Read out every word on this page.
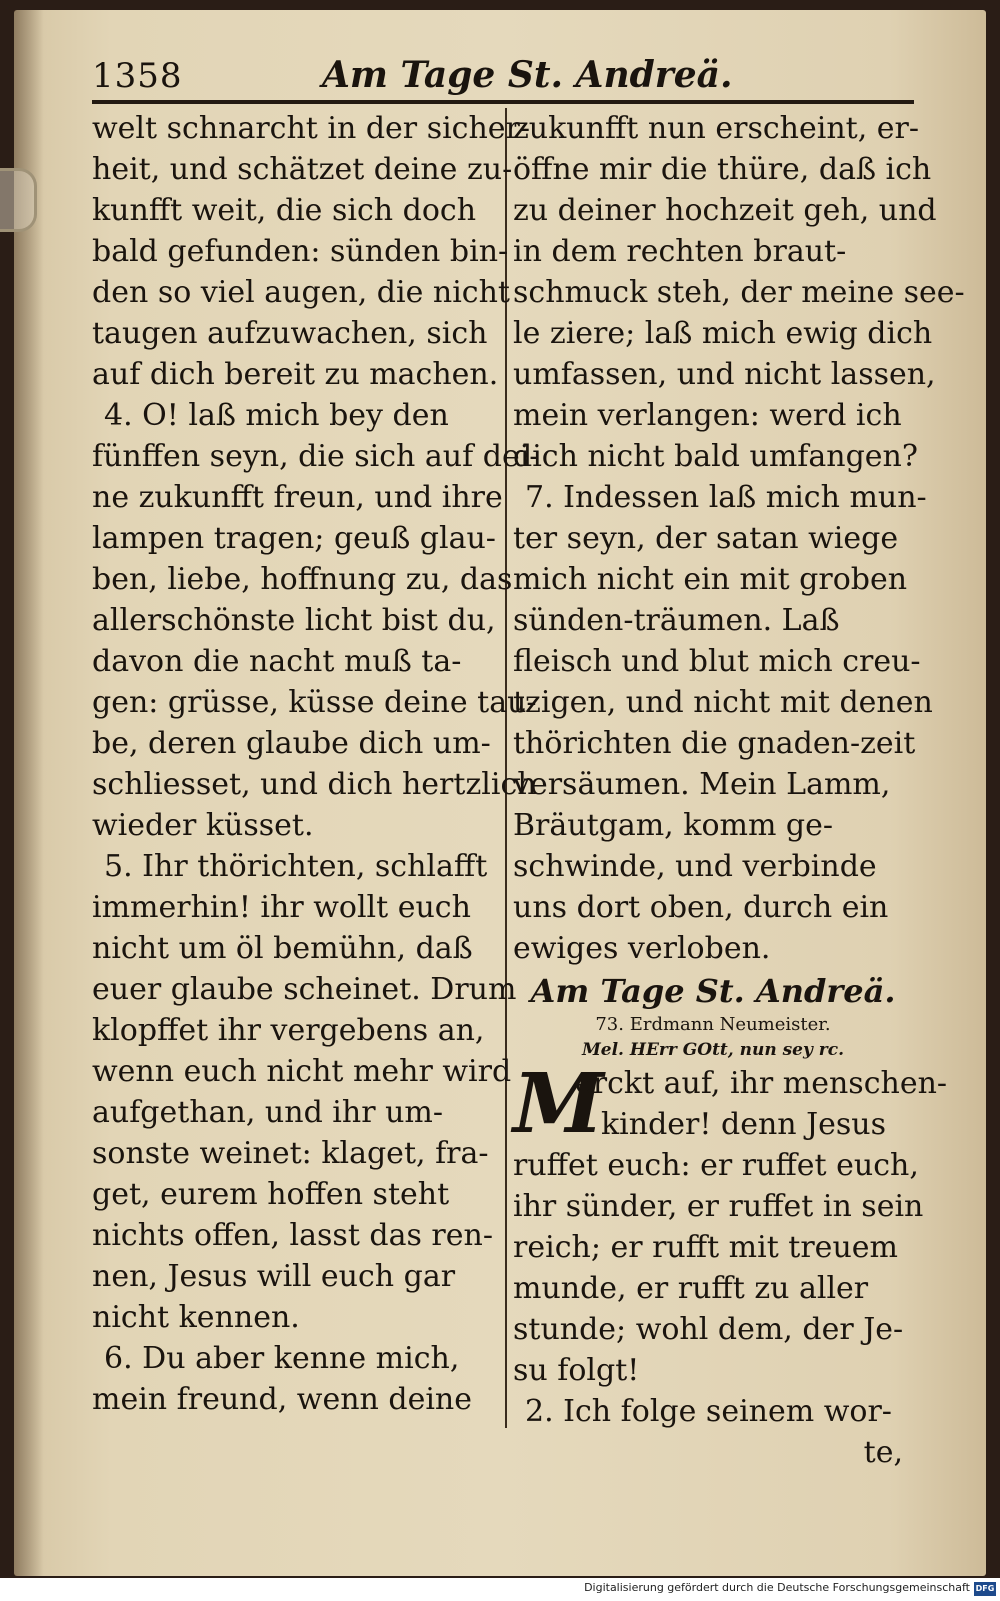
1358	Am Tage St. Andreä.
welt schnarcht in der sicher-
heit, und schätzet deine zu-
kunfft weit, die sich doch
bald gefunden: sünden bin-
den so viel augen, die nicht
taugen aufzuwachen, sich
auf dich bereit zu machen.
4. O! laß mich bey den
fünffen seyn, die sich auf dei-
ne zukunfft freun, und ihre
lampen tragen; geuß glau-
ben, liebe, hoffnung zu, das
allerschönste licht bist du,
davon die nacht muß ta-
gen: grüsse, küsse deine tau-
be, deren glaube dich um-
schliesset, und dich hertzlich
wieder küsset.
5. Ihr thörichten, schlafft
immerhin! ihr wollt euch
nicht um öl bemühn, daß
euer glaube scheinet. Drum
klopffet ihr vergebens an,
wenn euch nicht mehr wird
aufgethan, und ihr um-
sonste weinet: klaget, fra-
get, eurem hoffen steht
nichts offen, lasst das ren-
nen, Jesus will euch gar
nicht kennen.
6. Du aber kenne mich,
mein freund, wenn deine
zukunfft nun erscheint, er-
öffne mir die thüre, daß ich
zu deiner hochzeit geh, und
in dem rechten braut-
schmuck steh, der meine see-
le ziere; laß mich ewig dich
umfassen, und nicht lassen,
mein verlangen: werd ich
dich nicht bald umfangen?
7. Indessen laß mich mun-
ter seyn, der satan wiege
mich nicht ein mit groben
sünden-träumen. Laß
fleisch und blut mich creu-
tzigen, und nicht mit denen
thörichten die gnaden-zeit
versäumen. Mein Lamm,
Bräutgam, komm ge-
schwinde, und verbinde
uns dort oben, durch ein
ewiges verloben.
Am Tage St. Andreä.
73. Erdmann Neumeister.
Mel. HErr GOtt, nun sey rc.
M
erckt auf, ihr menschen-
kinder! denn Jesus
ruffet euch: er ruffet euch,
ihr sünder, er ruffet in sein
reich; er rufft mit treuem
munde, er rufft zu aller
stunde; wohl dem, der Je-
su folgt!
2. Ich folge seinem wor-
te,
Digitalisierung gefördert durch die Deutsche Forschungsgemeinschaft DFG
